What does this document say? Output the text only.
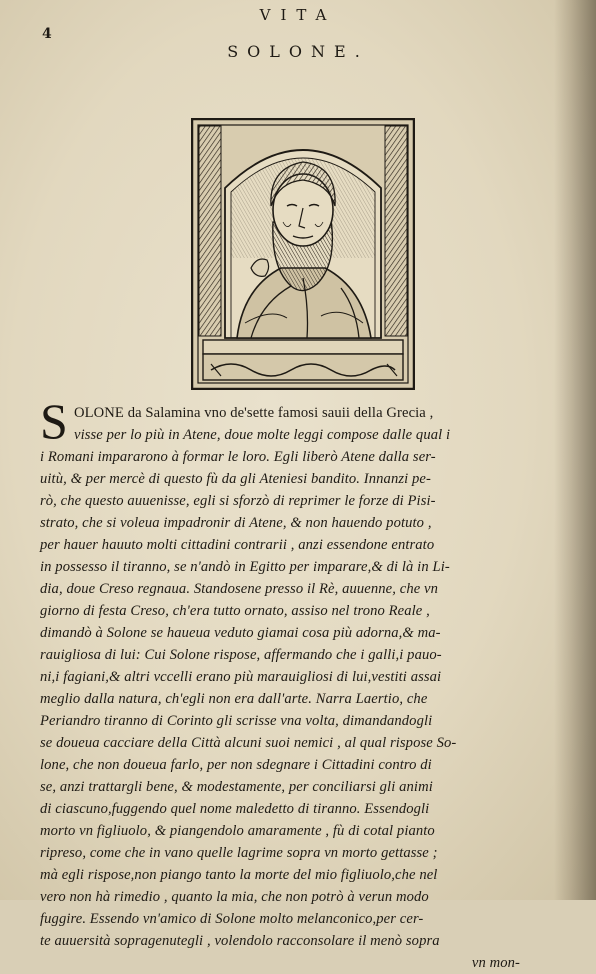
VITA
4
SOLONE.
S OLONE da Salamina vno de'sette famosi sauii della Grecia ,
visse per lo più in Atene, doue molte leggi compose dalle qual i
i Romani impararono à formar le loro. Egli liberò Atene dalla ser-
uitù, & per mercè di questo fù da gli Ateniesi bandito. Innanzi pe-
rò, che questo auuenisse, egli si sforzò di reprimer le forze di Pisi-
strato, che si voleua impadronir di Atene, & non hauendo potuto ,
per hauer hauuto molti cittadini contrarii , anzi essendone entrato
in possesso il tiranno, se n'andò in Egitto per imparare,& di là in Li-
dia, doue Creso regnaua. Standosene presso il Rè, auuenne, che vn
giorno di festa Creso, ch'era tutto ornato, assiso nel trono Reale ,
dimandò à Solone se haueua veduto giamai cosa più adorna,& ma-
rauigliosa di lui: Cui Solone rispose, affermando che i galli,i pauo-
ni,i fagiani,& altri vccelli erano più marauigliosi di lui,vestiti assai
meglio dalla natura, ch'egli non era dall'arte. Narra Laertio, che
Periandro tiranno di Corinto gli scrisse vna volta, dimandandogli
se doueua cacciare della Città alcuni suoi nemici , al qual rispose So-
lone, che non doueua farlo, per non sdegnare i Cittadini contro di
se, anzi trattargli bene, & modestamente, per conciliarsi gli animi
di ciascuno,fuggendo quel nome maledetto di tiranno. Essendogli
morto vn figliuolo, & piangendolo amaramente , fù di cotal pianto
ripreso, come che in vano quelle lagrime sopra vn morto gettasse ;
mà egli rispose,non piango tanto la morte del mio figliuolo,che nel
vero non hà rimedio , quanto la mia, che non potrò à verun modo
fuggire. Essendo vn'amico di Solone molto melanconico,per cer-
te auuersità sopragenutegli , volendolo racconsolare il menò sopra
vn mon-
